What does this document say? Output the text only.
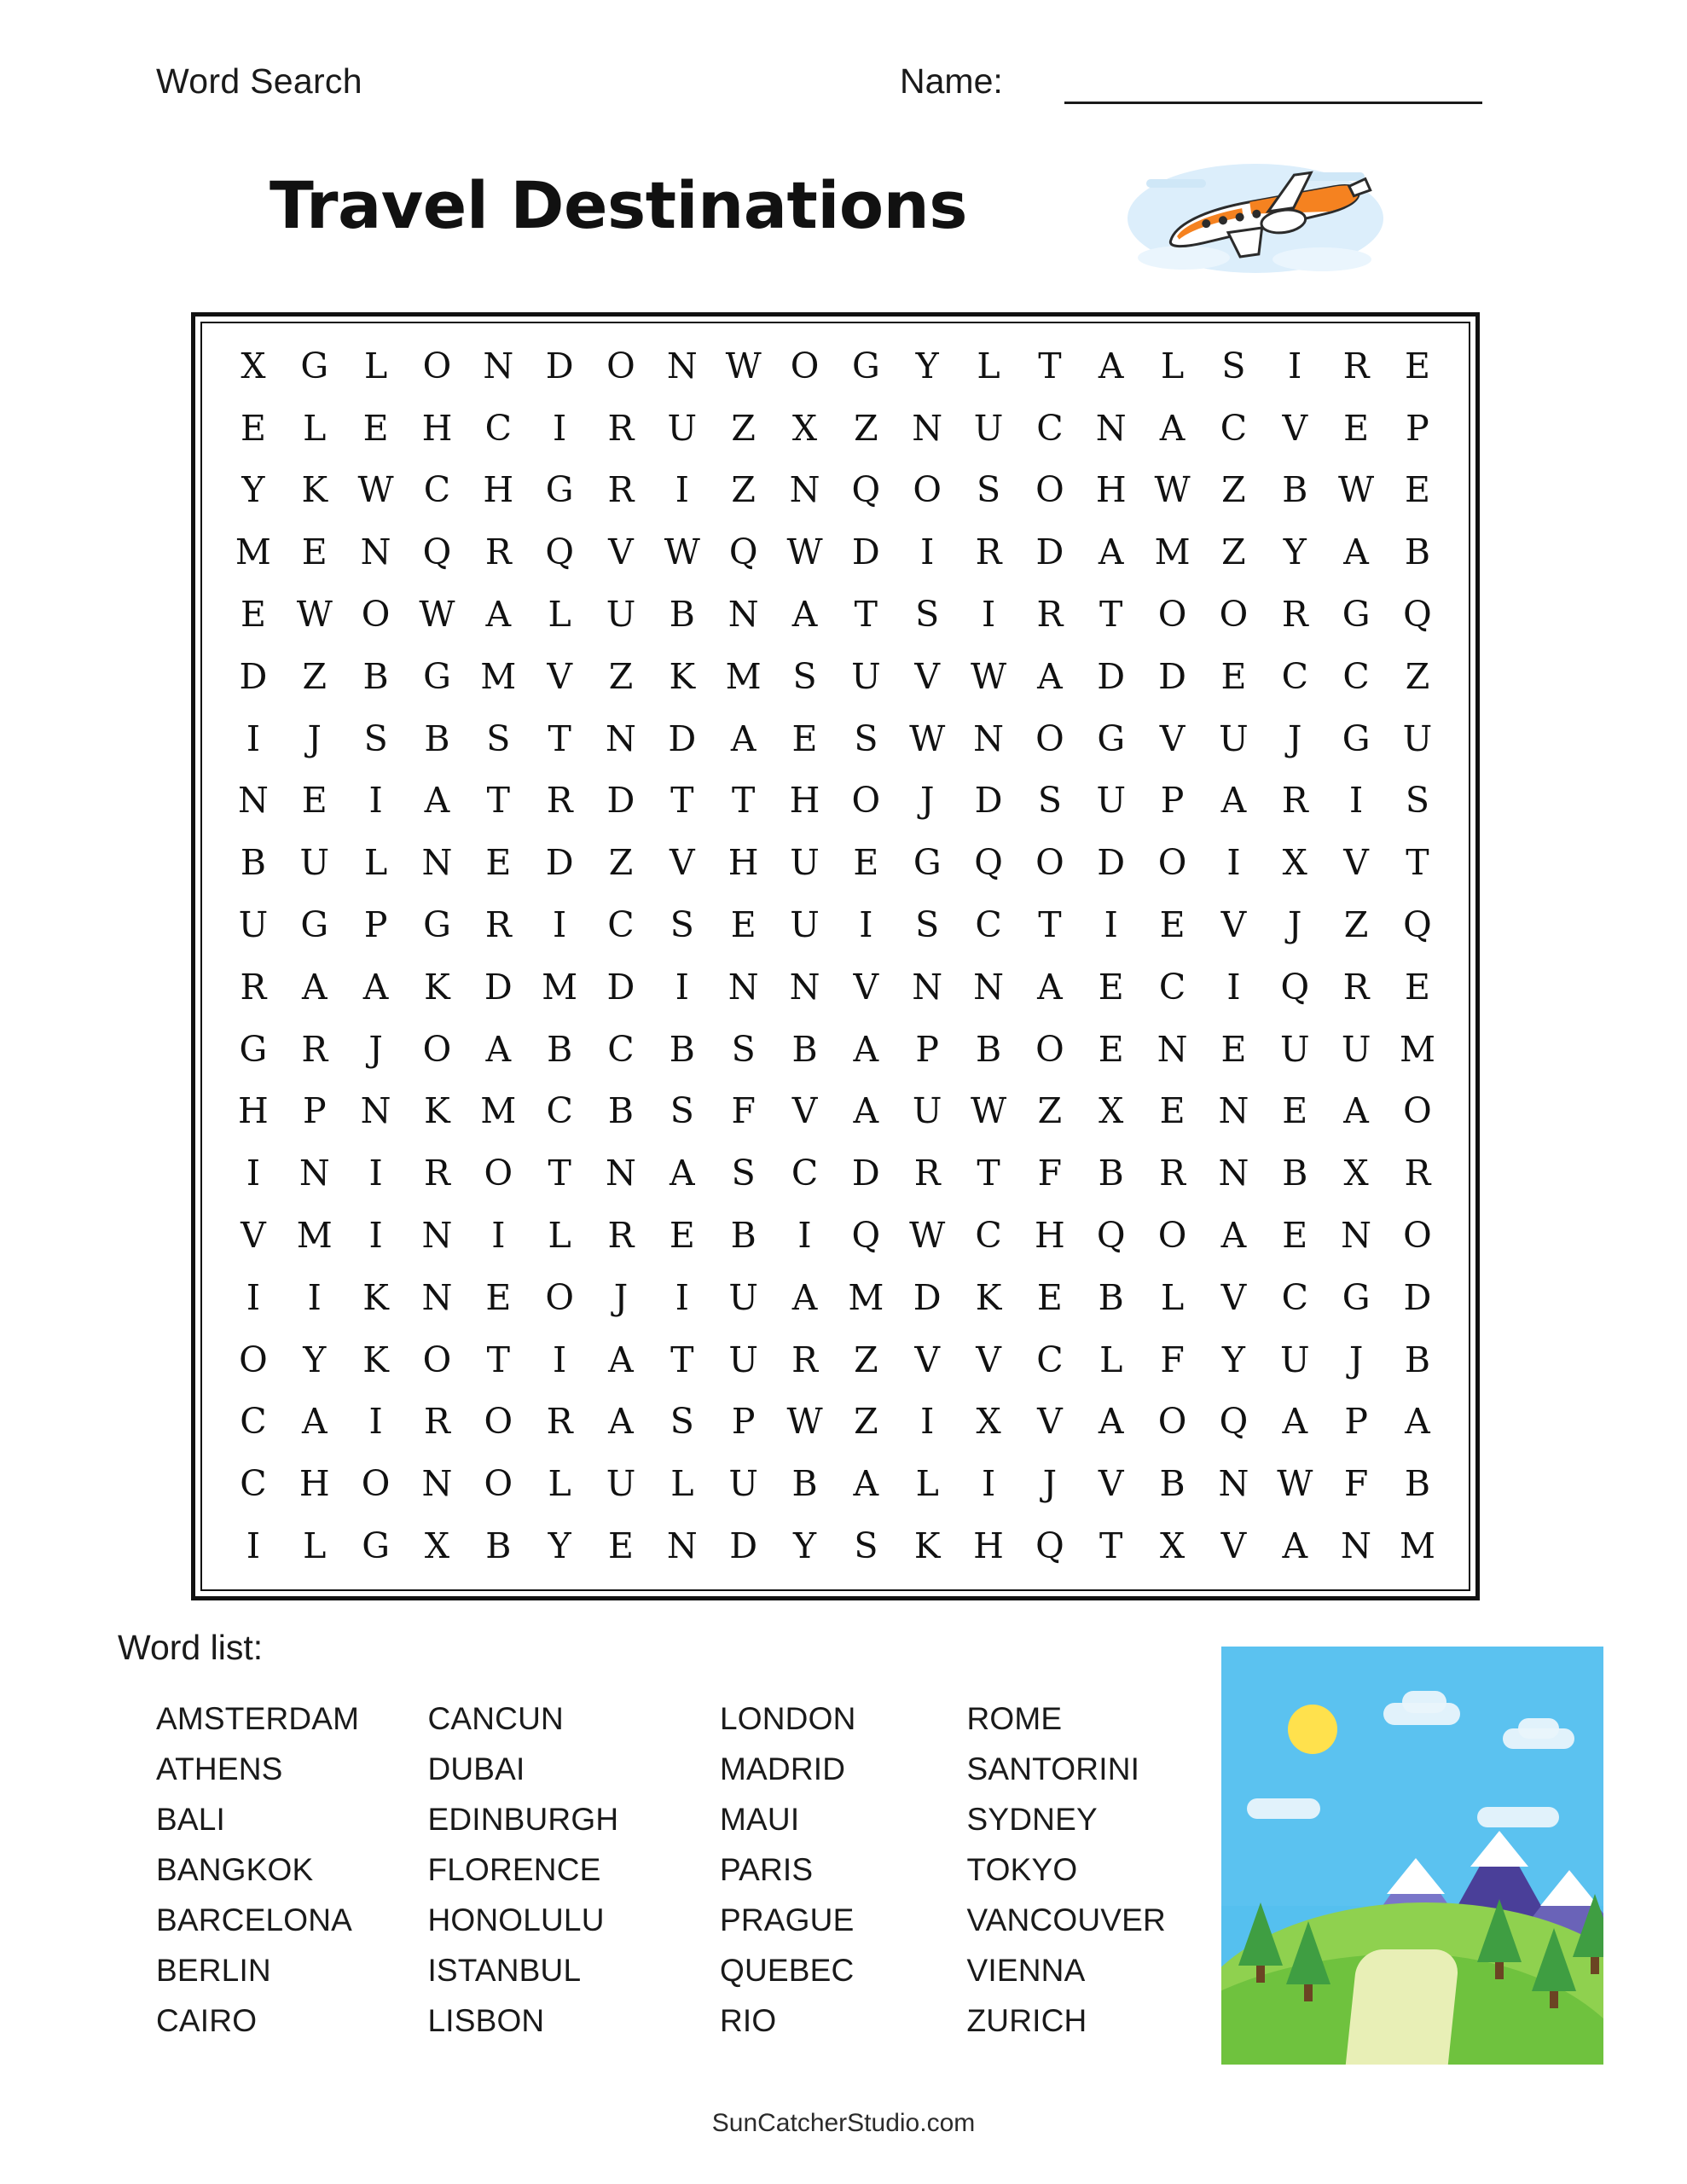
Word Search	Name:
Travel Destinations
X G	L	O N D O N W O G	Y	L	T	A	L	S	I	R	E
E	L	E H C	I	R U Z	X	Z N U C N A	C	V	E	P
Y	K W C H G R	I	Z N Q O S O H W Z	B W E
M E N Q R Q V W Q W D	I	R D A M Z	Y	A	B
E W O W A	L U B N A	T	S	I	R	T	O O R G Q
D	Z	B G M V	Z	K M S U V W A D D E	C C	Z
I	J	S	B	S	T N D A	E	S W N O G V U	J	G U
N E	I	A	T	R D	T	T H O	J	D	S U P	A	R	I	S
B U L N E D	Z	V H U E G Q O D O	I	X	V	T
U G	P	G R	I	C	S	E U	I	S	C	T	I	E	V	J	Z Q
R	A	A	K D M D	I	N N V N N A	E	C	I	Q R	E
G R	J	O A	B	C	B	S	B	A	P	B O E N E U U M
H P N K M C	B	S	F	V	A U W Z	X	E N E	A O
I	N	I	R O	T N A	S	C D R	T	F	B	R N B	X	R
V M	I	N	I	L	R	E	B	I	Q W C H Q O A	E N O
I	I	K N E O	J	I	U A M D K	E	B	L	V	C G D
O	Y	K O	T	I	A	T U R	Z	V	V	C	L	F	Y	U	J	B
C	A	I	R O R	A	S	P W Z	I	X	V	A O Q A	P	A
C H O N O	L U L U B	A	L	I	J	V	B N W F	B
I	L	G X	B	Y	E N D	Y	S	K H Q	T	X	V	A N M
Word list:
AMSTERDAM
ATHENS
BALI
BANGKOK
BARCELONA
BERLIN
CAIRO
CANCUN
DUBAI
EDINBURGH
FLORENCE
HONOLULU
ISTANBUL
LISBON
LONDON
MADRID
MAUI
PARIS
PRAGUE
QUEBEC
RIO
ROME
SANTORINI
SYDNEY
TOKYO
VANCOUVER
VIENNA
ZURICH
SunCatcherStudio.com
